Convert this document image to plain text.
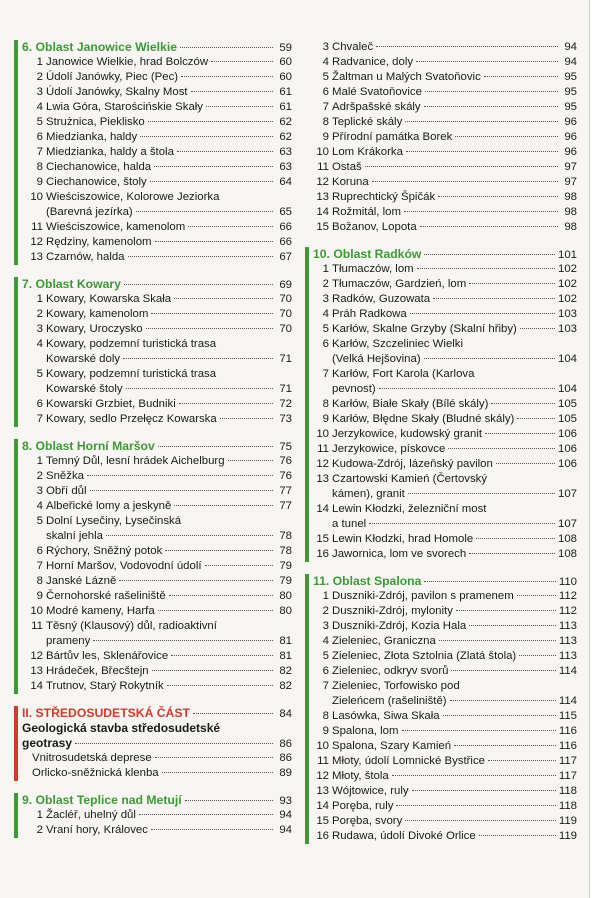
6. Oblast Janowice Wielkie	59
1 Janowice Wielkie, hrad Bolczów	60
2 Údolí Janówky, Piec (Pec)	60
3 Údolí Janówky, Skalny Most	61
4 Lwia Góra, Starościńskie Skały	61
5 Strużnica, Pieklisko	62
6 Miedzianka, haldy	62
7 Miedzianka, haldy a štola	63
8 Ciechanowice, halda	63
9 Ciechanowice, štoly	64
10 Wieściszowice, Kolorowe Jeziorka
(Barevná jezírka)	65
11 Wieściszowice, kamenolom	66
12 Rędziny, kamenolom	66
13 Czarnów, halda	67
7. Oblast Kowary	69
1 Kowary, Kowarska Skała	70
2 Kowary, kamenolom	70
3 Kowary, Uroczysko	70
4 Kowary, podzemní turistická trasa
Kowarské doly	71
5 Kowary, podzemní turistická trasa
Kowarské štoly	71
6 Kowarski Grzbiet, Budniki	72
7 Kowary, sedlo Przełęcz Kowarska	73
8. Oblast Horní Maršov	75
1 Temný Důl, lesní hrádek Aichelburg	76
2 Sněžka	76
3 Obří důl	77
4 Albeřické lomy a jeskyně	77
5 Dolní Lysečiny, Lysečinská
skalní jehla	78
6 Rýchory, Sněžný potok	78
7 Horní Maršov, Vodovodní údolí	79
8 Janské Lázně	79
9 Černohorské rašeliniště	80
10 Modré kameny, Harfa	80
11 Těsný (Klausový) důl, radioaktivní
prameny	81
12 Bártův les, Sklenářovice	81
13 Hrádeček, Břecštejn	82
14 Trutnov, Starý Rokytník	82
II. STŘEDOSUDETSKÁ ČÁST	84
Geologická stavba středosudetské
geotrasy	86
Vnitrosudetská deprese	86
Orlicko-sněžnická klenba	89
9. Oblast Teplice nad Metují	93
1 Žacléř, uhelný důl	94
2 Vraní hory, Královec	94
3 Chvaleč	94
4 Radvanice, doly	94
5 Žaltman u Malých Svatoňovic	95
6 Malé Svatoňovice	95
7 Adršpašské skály	95
8 Teplické skály	96
9 Přírodní památka Borek	96
10 Lom Krákorka	96
11 Ostaš	97
12 Koruna	97
13 Ruprechtický Špičák	98
14 Rožmitál, lom	98
15 Božanov, Lopota	98
10. Oblast Radków	101
1 Tłumaczów, lom	102
2 Tłumaczów, Gardzień, lom	102
3 Radków, Guzowata	102
4 Práh Radkowa	103
5 Karłów, Skalne Grzyby (Skalní hřiby)	103
6 Karłów, Szczeliniec Wielki
(Velká Hejšovina)	104
7 Karłów, Fort Karola (Karlova
pevnost)	104
8 Karłów, Białe Skały (Bílé skály)	105
9 Karłów, Błędne Skały (Bludné skály)	105
10 Jerzykowice, kudowský granit	106
11 Jerzykowice, pískovce	106
12 Kudowa-Zdrój, lázeňský pavilon	106
13 Czartowski Kamień (Čertovský
kámen), granit	107
14 Lewin Kłodzki, železniční most
a tunel	107
15 Lewin Kłodzki, hrad Homole	108
16 Jawornica, lom ve svorech	108
11. Oblast Spalona	110
1 Duszniki-Zdrój, pavilon s pramenem	112
2 Duszniki-Zdrój, mylonity	112
3 Duszniki-Zdrój, Kozia Hala	113
4 Zieleniec, Graniczna	113
5 Zieleniec, Złota Sztolnia (Zlatá štola)	113
6 Zieleniec, odkryv svorů	114
7 Zieleniec, Torfowisko pod
Zieleńcem (rašeliniště)	114
8 Lasówka, Siwa Skała	115
9 Spalona, lom	116
10 Spalona, Szary Kamień	116
11 Młoty, údolí Lomnické Bystřice	117
12 Młoty, štola	117
13 Wójtowice, ruly	118
14 Poręba, ruly	118
15 Poręba, svory	119
16 Rudawa, údolí Divoké Orlice	119
